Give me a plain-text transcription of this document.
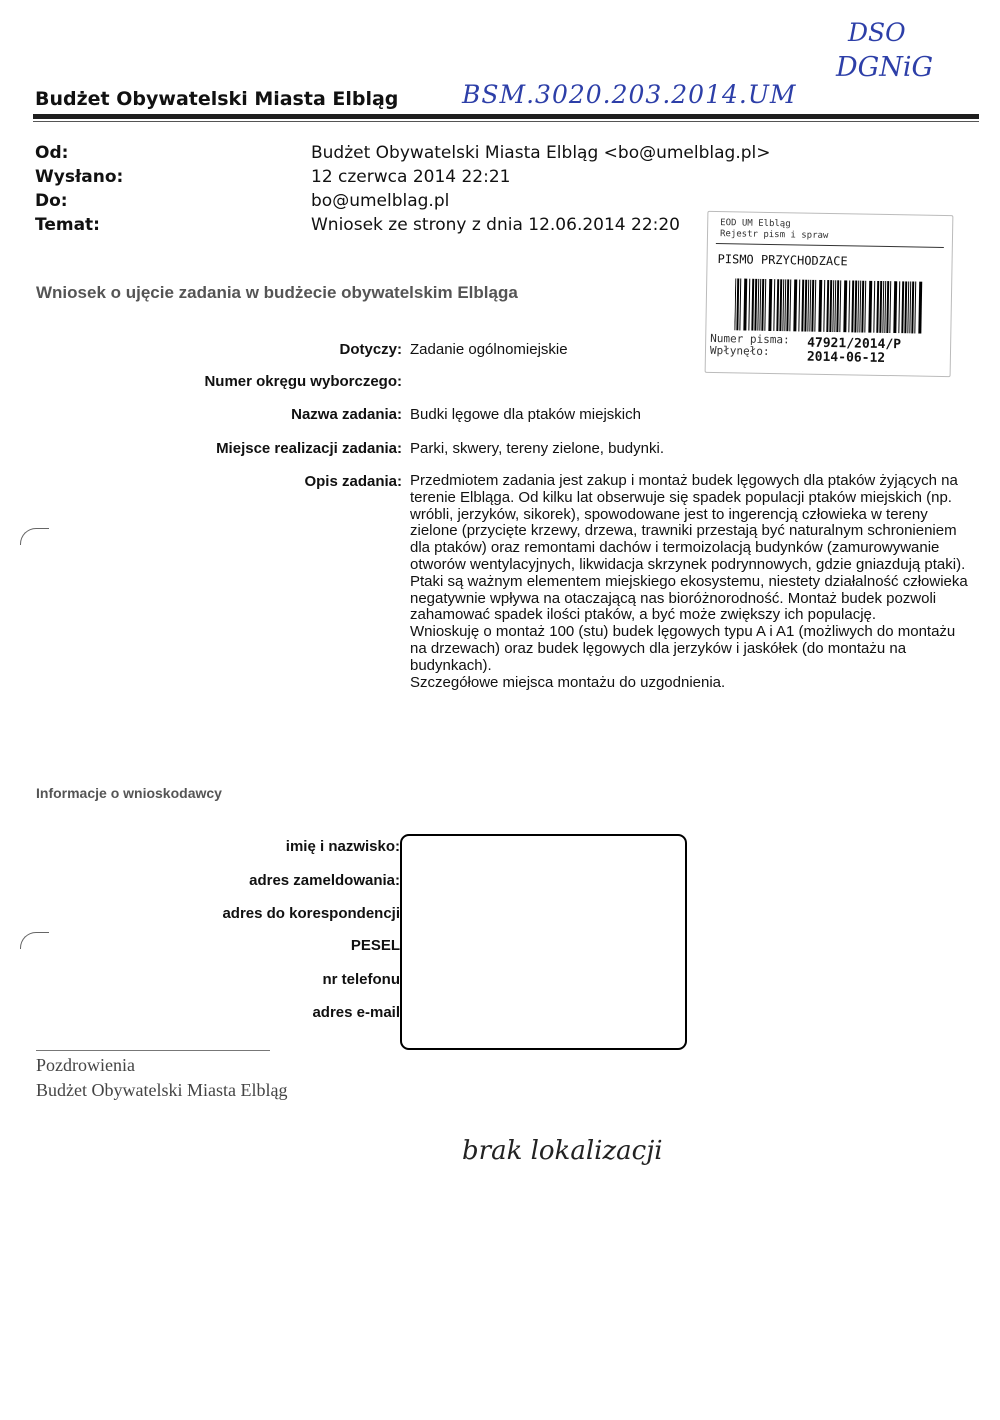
Budżet Obywatelski Miasta Elbląg	BSM.3020.203.2014.UM
DSO
DGNiG
Od:	Budżet Obywatelski Miasta Elbląg <bo@umelblag.pl>
Wysłano:	12 czerwca 2014 22:21
Do:	bo@umelblag.pl
Temat:	Wniosek ze strony z dnia 12.06.2014 22:20	EOD UM Elbląg
Rejestr pism i spraw
PISMO PRZYCHODZACE
Numer pisma: 47921/2014/P
Wpłynęło:	2014-06-12
Wniosek o ujęcie zadania w budżecie obywatelskim Elbląga
Dotyczy: Zadanie ogólnomiejskie
Numer okręgu wyborczego:
Nazwa zadania: Budki lęgowe dla ptaków miejskich
Miejsce realizacji zadania: Parki, skwery, tereny zielone, budynki.
Opis zadania: Przedmiotem zadania jest zakup i montaż budek lęgowych dla ptaków żyjących na terenie Elbląga. Od kilku lat obserwuje się spadek populacji ptaków miejskich (np. wróbli, jerzyków, sikorek), spowodowane jest to ingerencją człowieka w tereny zielone (przycięte krzewy, drzewa, trawniki przestają być naturalnym schronieniem dla ptaków) oraz remontami dachów i termoizolacją budynków (zamurowywanie otworów wentylacyjnych, likwidacja skrzynek podrynnowych, gdzie gniazdują ptaki).

Ptaki są ważnym elementem miejskiego ekosystemu, niestety działalność człowieka negatywnie wpływa na otaczającą nas bioróżnorodność. Montaż budek pozwoli zahamować spadek ilości ptaków, a być może zwiększy ich populację.

Wnioskuję o montaż 100 (stu) budek lęgowych typu A i A1 (możliwych do montażu na drzewach) oraz budek lęgowych dla jerzyków i jaskółek (do montażu na budynkach).

Szczegółowe miejsca montażu do uzgodnienia.

Informacje o wnioskodawcy
imię i nazwisko:
adres zameldowania:
adres do korespondencji
PESEL
nr telefonu
adres e-mail
Pozdrowienia
Budżet Obywatelski Miasta Elbląg
brak lokalizacji
